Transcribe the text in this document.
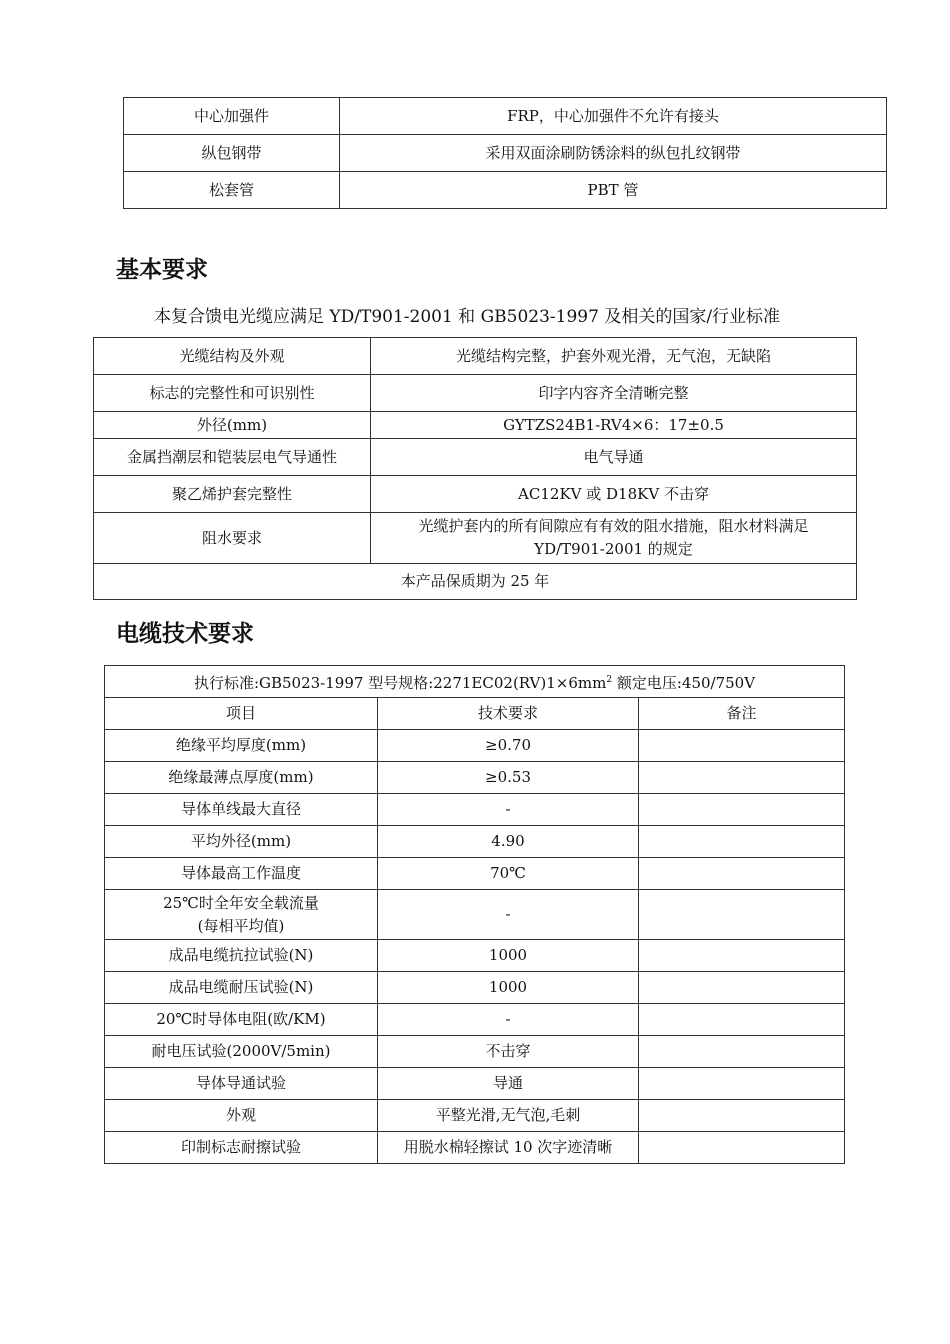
中心加强件	FRP，中心加强件不允许有接头
纵包钢带	采用双面涂刷防锈涂料的纵包扎纹钢带
松套管	PBT 管
基本要求

本复合馈电光缆应满足 YD/T901-2001 和 GB5023-1997 及相关的国家/行业标准

光缆结构及外观	光缆结构完整，护套外观光滑，无气泡，无缺陷
标志的完整性和可识别性	印字内容齐全清晰完整
外径(mm)	GYTZS24B1-RV4×6：17±0.5
金属挡潮层和铠装层电气导通性	电气导通
聚乙烯护套完整性	AC12KV 或 D18KV 不击穿
阻水要求	光缆护套内的所有间隙应有有效的阻水措施，阻水材料满足
YD/T901-2001 的规定

本产品保质期为 25 年	
电缆技术要求
执行标准:GB5023-1997 型号规格$:2271EC02(RV)1\times 6mm^2$ 额定电压:450/750V		
项目	技术要求	备注
绝缘平均厚度(mm)	≥0.70	
绝缘最薄点厚度(mm)	≥0.53	
导体单线最大直径	-	
平均外径(mm)	4.90	
导体最高工作温度	70℃	

25℃时全年安全载流量
(每相平均值)	-	
成品电缆抗拉试验(N)	1000	
成品电缆耐压试验(N)	1000	
20℃时导体电阻(欧/KM)	-	
耐电压试验(2000V/5min)	不击穿	
导体导通试验	导通	
外观	平整光滑,无气泡,毛刺	
印制标志耐擦试验	用脱水棉轻擦试 10 次字迹清晰	
